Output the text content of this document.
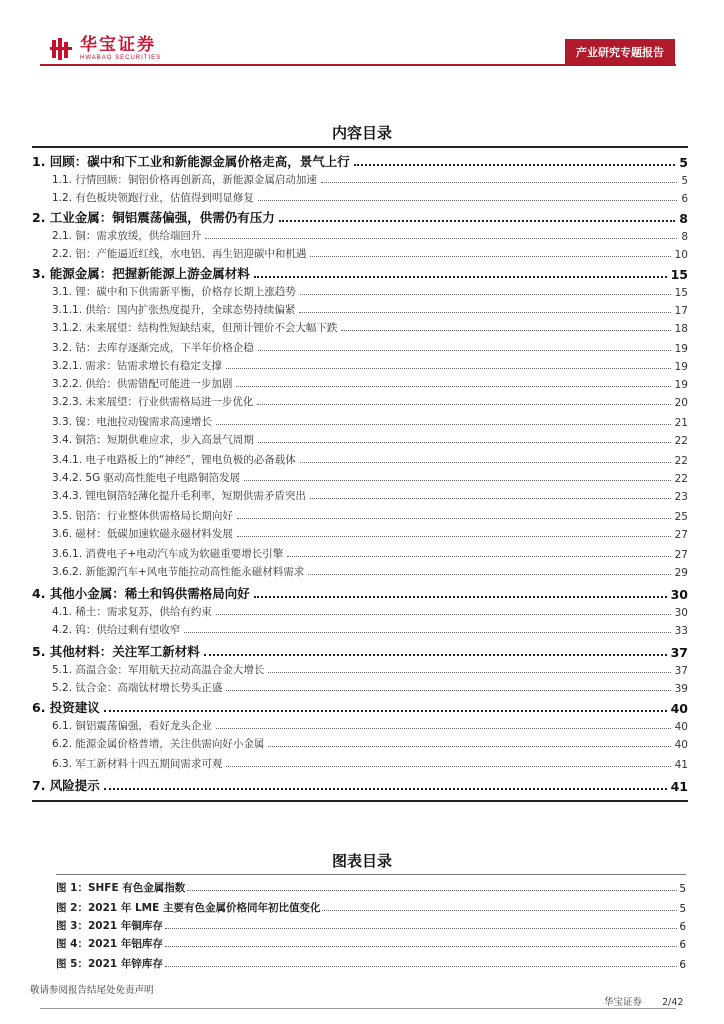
华宝证券
HWABAO SECURITIES	产业研究专题报告
内容目录
1. 回顾：碳中和下工业和新能源金属价格走高，景气上行	5
1.1. 行情回顾：铜铝价格再创新高，新能源金属启动加速	5
1.2. 有色板块领跑行业，估值得到明显修复	6
2. 工业金属：铜铝震荡偏强，供需仍有压力	8
2.1. 铜：需求放缓，供给端回升	8
2.2. 铝：产能逼近红线，水电铝、再生铝迎碳中和机遇	10
3. 能源金属：把握新能源上游金属材料	15
3.1. 锂：碳中和下供需新平衡，价格存长期上涨趋势	15
3.1.1. 供给：国内扩张热度提升，全球态势持续偏紧	17
3.1.2. 未来展望：结构性短缺结束，但预计锂价不会大幅下跌	18
3.2. 钴：去库存逐渐完成，下半年价格企稳	19
3.2.1. 需求：钴需求增长有稳定支撑	19
3.2.2. 供给：供需错配可能进一步加剧	19
3.2.3. 未来展望：行业供需格局进一步优化	20
3.3. 镍：电池拉动镍需求高速增长	21
3.4. 铜箔：短期供难应求，步入高景气周期	22
3.4.1. 电子电路板上的“神经”，锂电负极的必备载体	22
3.4.2. 5G 驱动高性能电子电路铜箔发展	22
3.4.3. 锂电铜箔轻薄化提升毛利率，短期供需矛盾突出	23
3.5. 铝箔：行业整体供需格局长期向好	25
3.6. 磁材：低碳加速软磁永磁材料发展	27
3.6.1. 消费电子+电动汽车成为软磁重要增长引擎	27
3.6.2. 新能源汽车+风电节能拉动高性能永磁材料需求	29
4. 其他小金属：稀土和钨供需格局向好	30
4.1. 稀土：需求复苏，供给有约束	30
4.2. 钨：供给过剩有望收窄	33
5. 其他材料：关注军工新材料	37
5.1. 高温合金：军用航天拉动高温合金大增长	37
5.2. 钛合金：高端钛材增长势头正盛	39
6. 投资建议	40
6.1. 铜铝震荡偏强，看好龙头企业	40
6.2. 能源金属价格普增，关注供需向好小金属	40
6.3. 军工新材料十四五期间需求可观	41
7. 风险提示	41
图表目录
图 1：SHFE 有色金属指数	5
图 2：2021 年 LME 主要有色金属价格同年初比值变化	5
图 3：2021 年铜库存	6
图 4：2021 年铝库存	6
图 5：2021 年锌库存	6
敬请参阅报告结尾处免责声明
华宝证券 2/42
